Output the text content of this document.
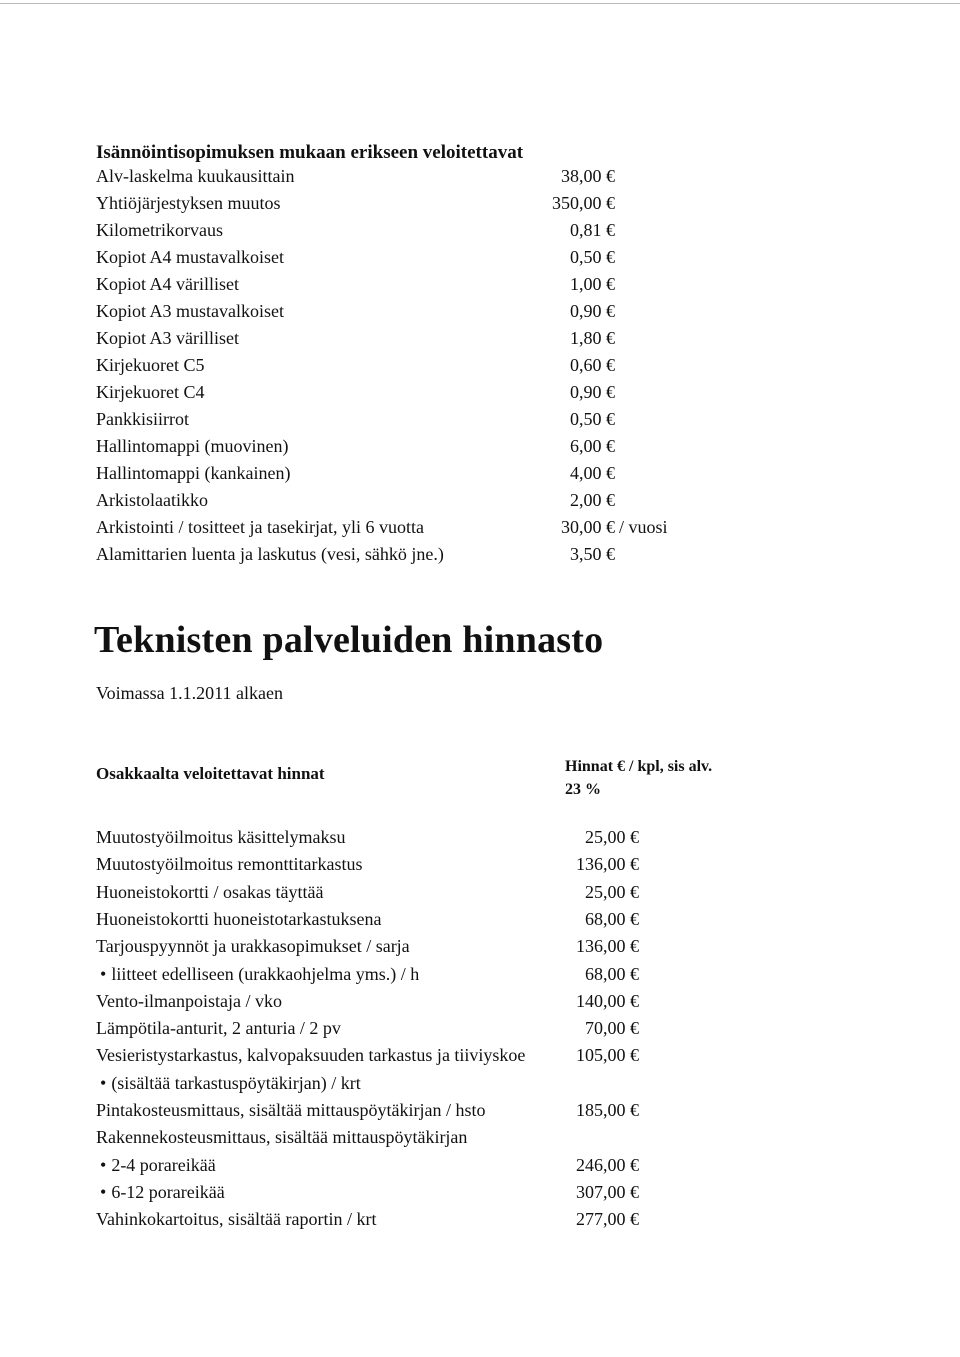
Isännöintisopimuksen mukaan erikseen veloitettavat
Alv-laskelma kuukausittain	38,00 €
Yhtiöjärjestyksen muutos	350,00 €
Kilometrikorvaus	0,81 €
Kopiot A4 mustavalkoiset	0,50 €
Kopiot A4 värilliset	1,00 €
Kopiot A3 mustavalkoiset	0,90 €
Kopiot A3 värilliset	1,80 €
Kirjekuoret C5	0,60 €
Kirjekuoret C4	0,90 €
Pankkisiirrot	0,50 €
Hallintomappi (muovinen)	6,00 €
Hallintomappi (kankainen)	4,00 €
Arkistolaatikko	2,00 €
Arkistointi / tositteet ja tasekirjat, yli 6 vuotta	30,00 € / vuosi
Alamittarien luenta ja laskutus (vesi, sähkö jne.)	3,50 €
Teknisten palveluiden hinnasto
Voimassa 1.1.2011 alkaen
Osakkaalta veloitettavat hinnat	Hinnat € / kpl, sis alv.
23 %
Muutostyöilmoitus käsittelymaksu	25,00 €
Muutostyöilmoitus remonttitarkastus	136,00 €
Huoneistokortti / osakas täyttää	25,00 €
Huoneistokortti huoneistotarkastuksena	68,00 €
Tarjouspyynnöt ja urakkasopimukset / sarja	136,00 €
• liitteet edelliseen (urakkaohjelma yms.) / h	68,00 €
Vento-ilmanpoistaja / vko	140,00 €
Lämpötila-anturit, 2 anturia / 2 pv	70,00 €
Vesieristystarkastus, kalvopaksuuden tarkastus ja tiiviyskoe	105,00 €
• (sisältää tarkastuspöytäkirjan) / krt
Pintakosteusmittaus, sisältää mittauspöytäkirjan / hsto	185,00 €
Rakennekosteusmittaus, sisältää mittauspöytäkirjan
• 2-4 porareikää	246,00 €
• 6-12 porareikää	307,00 €
Vahinkokartoitus, sisältää raportin / krt	277,00 €
